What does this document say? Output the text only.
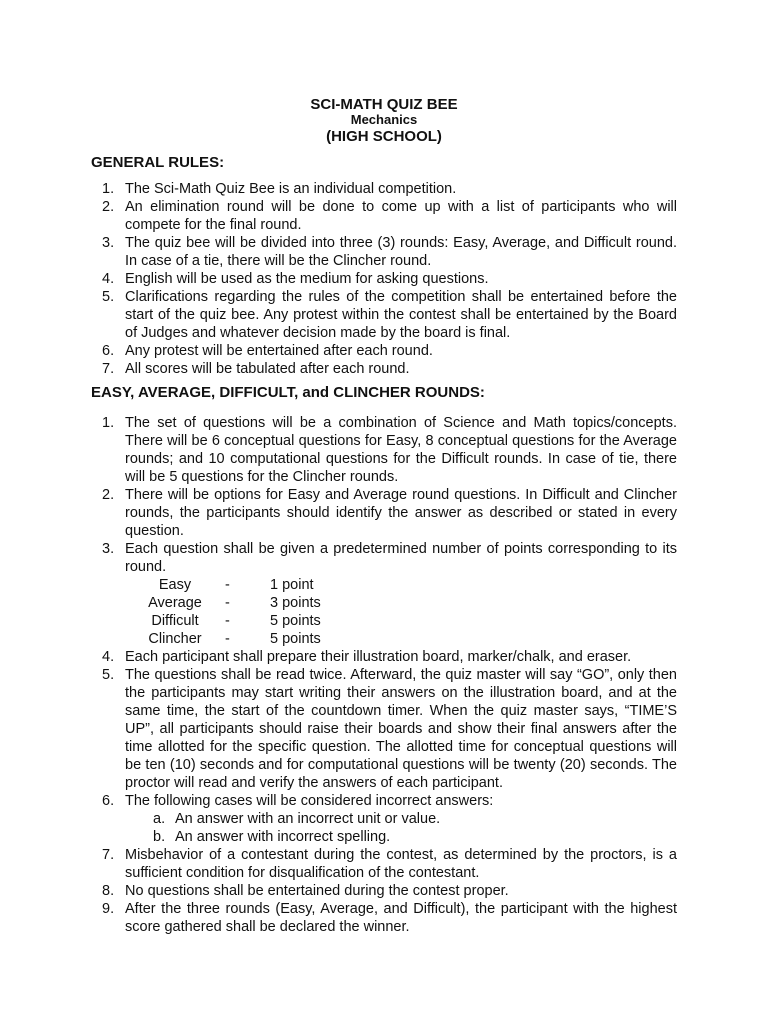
SCI-MATH QUIZ BEE
Mechanics
(HIGH SCHOOL)
GENERAL RULES:
1. The Sci-Math Quiz Bee is an individual competition.
2. An elimination round will be done to come up with a list of participants who will compete for the final round.
3. The quiz bee will be divided into three (3) rounds: Easy, Average, and Difficult round. In case of a tie, there will be the Clincher round.
4. English will be used as the medium for asking questions.
5. Clarifications regarding the rules of the competition shall be entertained before the start of the quiz bee. Any protest within the contest shall be entertained by the Board of Judges and whatever decision made by the board is final.
6. Any protest will be entertained after each round.
7. All scores will be tabulated after each round.
EASY, AVERAGE, DIFFICULT, and CLINCHER ROUNDS:
1. The set of questions will be a combination of Science and Math topics/concepts. There will be 6 conceptual questions for Easy, 8 conceptual questions for the Average rounds; and 10 computational questions for the Difficult rounds. In case of tie, there will be 5 questions for the Clincher rounds.
2. There will be options for Easy and Average round questions. In Difficult and Clincher rounds, the participants should identify the answer as described or stated in every question.
3. Each question shall be given a predetermined number of points corresponding to its round.
Easy	-	1 point
Average	-	3 points
Difficult	-	5 points
Clincher	-	5 points
4. Each participant shall prepare their illustration board, marker/chalk, and eraser.
5. The questions shall be read twice. Afterward, the quiz master will say “GO”, only then the participants may start writing their answers on the illustration board, and at the same time, the start of the countdown timer. When the quiz master says, “TIME’S UP”, all participants should raise their boards and show their final answers after the time allotted for the specific question. The allotted time for conceptual questions will be ten (10) seconds and for computational questions will be twenty (20) seconds. The proctor will read and verify the answers of each participant.
6. The following cases will be considered incorrect answers:
a. An answer with an incorrect unit or value.
b. An answer with incorrect spelling.
7. Misbehavior of a contestant during the contest, as determined by the proctors, is a sufficient condition for disqualification of the contestant.
8. No questions shall be entertained during the contest proper.
9. After the three rounds (Easy, Average, and Difficult), the participant with the highest score gathered shall be declared the winner.
